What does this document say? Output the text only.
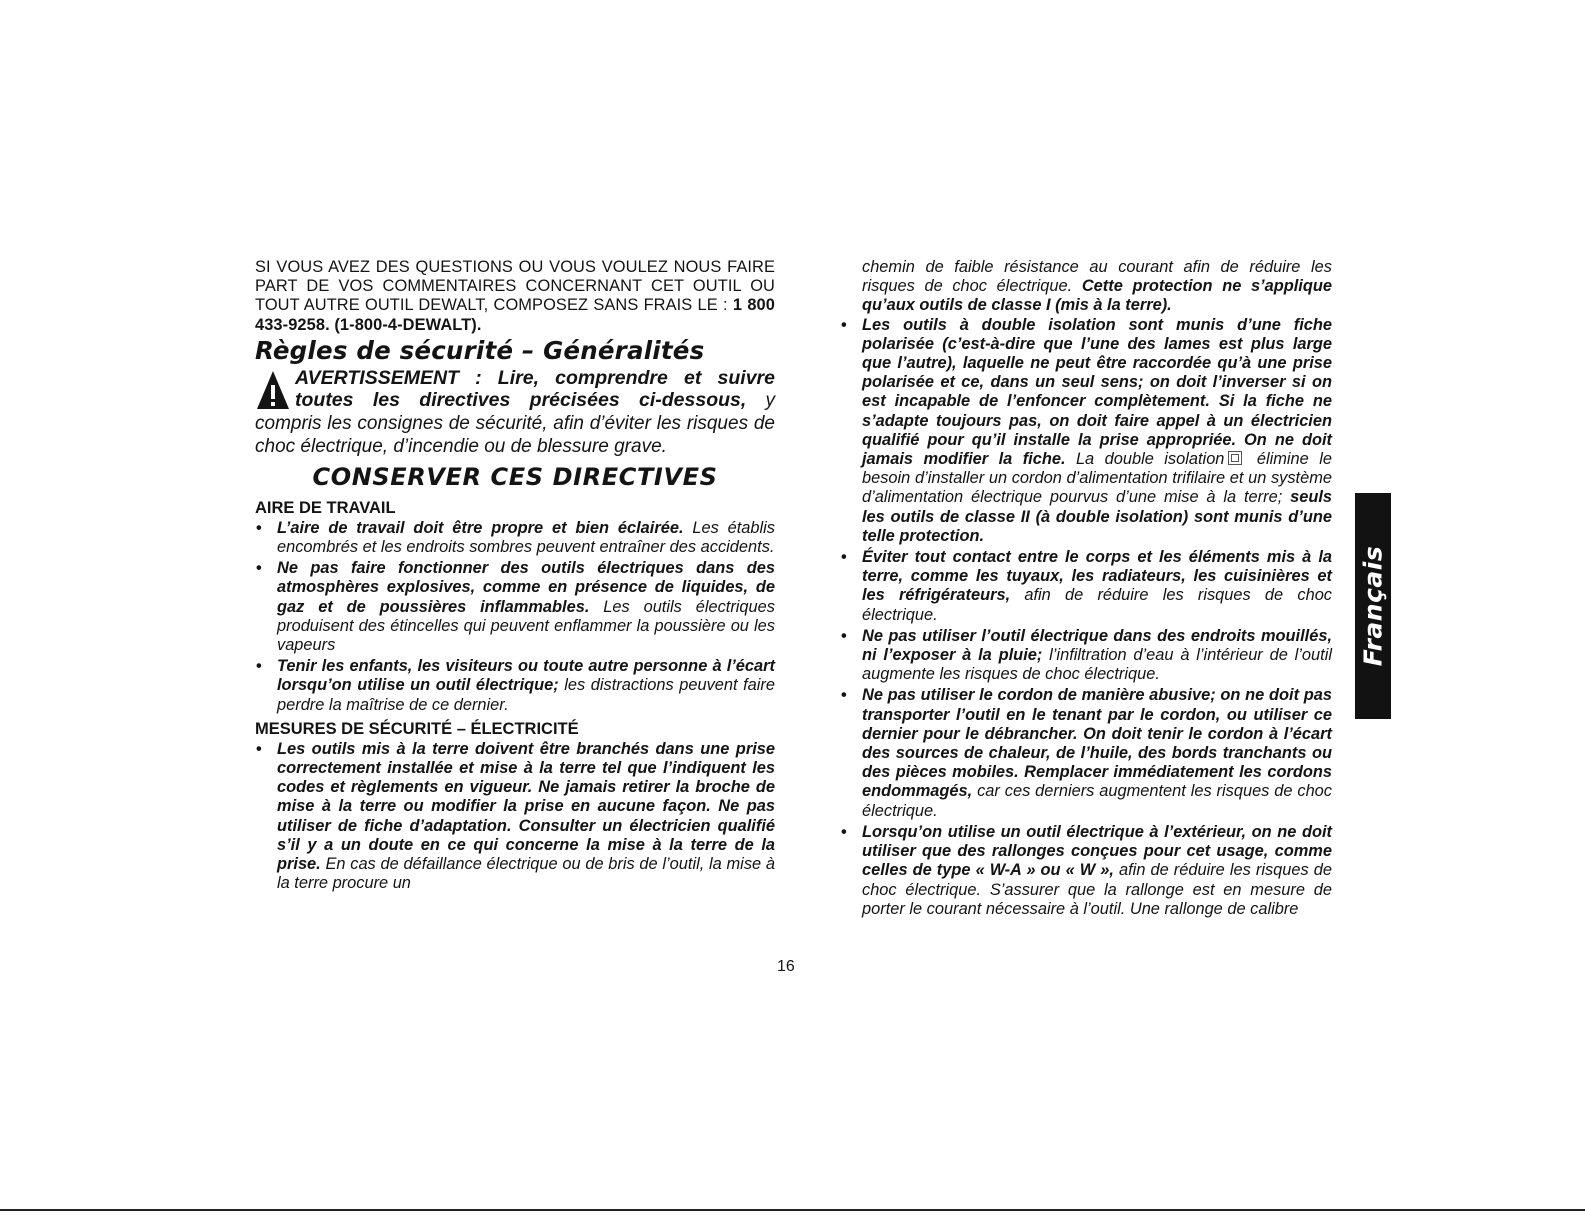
SI VOUS AVEZ DES QUESTIONS OU VOUS VOULEZ NOUS FAIRE PART DE VOS COMMENTAIRES CONCERNANT CET OUTIL OU TOUT AUTRE OUTIL DEWALT, COMPOSEZ SANS FRAIS LE : 1 800 433-9258. (1-800-4-DEWALT).

Règles de sécurité – Généralités

AVERTISSEMENT : Lire, comprendre et suivre toutes les directives précisées ci-dessous, y compris les consignes de sécurité, afin d’éviter les risques de choc électrique, d’incendie ou de blessure grave.

CONSERVER CES DIRECTIVES
AIRE DE TRAVAIL
• L’aire de travail doit être propre et bien éclairée. Les établis encombrés et les endroits sombres peuvent entraîner des accidents.
• Ne pas faire fonctionner des outils électriques dans des atmosphères explosives, comme en présence de liquides, de gaz et de poussières inflammables. Les outils électriques produisent des étincelles qui peuvent enflammer la poussière ou les vapeurs
• Tenir les enfants, les visiteurs ou toute autre personne à l’écart lorsqu’on utilise un outil électrique; les distractions peuvent faire perdre la maîtrise de ce dernier.
MESURES DE SÉCURITÉ – ÉLECTRICITÉ
• Les outils mis à la terre doivent être branchés dans une prise correctement installée et mise à la terre tel que l’indiquent les codes et règlements en vigueur. Ne jamais retirer la broche de mise à la terre ou modifier la prise en aucune façon. Ne pas utiliser de fiche d’adaptation. Consulter un électricien qualifié s’il y a un doute en ce qui concerne la mise à la terre de la prise. En cas de défaillance électrique ou de bris de l’outil, la mise à la terre procure un

chemin de faible résistance au courant afin de réduire les risques de choc électrique. Cette protection ne s’applique qu’aux outils de classe I (mis à la terre).

• Les outils à double isolation sont munis d’une fiche polarisée (c’est-à-dire que l’une des lames est plus large que l’autre), laquelle ne peut être raccordée qu’à une prise polarisée et ce, dans un seul sens; on doit l’inverser si on est incapable de l’enfoncer complètement. Si la fiche ne s’adapte toujours pas, on doit faire appel à un électricien qualifié pour qu’il installe la prise appropriée. On ne doit jamais modifier la fiche. La double isolation élimine le besoin d’installer un cordon d’alimentation trifilaire et un système d’alimentation électrique pourvus d’une mise à la terre; seuls les outils de classe II (à double isolation) sont munis d’une telle protection.
• Éviter tout contact entre le corps et les éléments mis à la terre, comme les tuyaux, les radiateurs, les cuisinières et les réfrigérateurs, afin de réduire les risques de choc électrique.
• Ne pas utiliser l’outil électrique dans des endroits mouillés, ni l’exposer à la pluie; l’infiltration d’eau à l’intérieur de l’outil augmente les risques de choc électrique.
• Ne pas utiliser le cordon de manière abusive; on ne doit pas transporter l’outil en le tenant par le cordon, ou utiliser ce dernier pour le débrancher. On doit tenir le cordon à l’écart des sources de chaleur, de l’huile, des bords tranchants ou des pièces mobiles. Remplacer immédiatement les cordons endommagés, car ces derniers augmentent les risques de choc électrique.
• Lorsqu’on utilise un outil électrique à l’extérieur, on ne doit utiliser que des rallonges conçues pour cet usage, comme celles de type « W-A » ou « W », afin de réduire les risques de choc électrique. S’assurer que la rallonge est en mesure de porter le courant nécessaire à l’outil. Une rallonge de calibre
16
Français
